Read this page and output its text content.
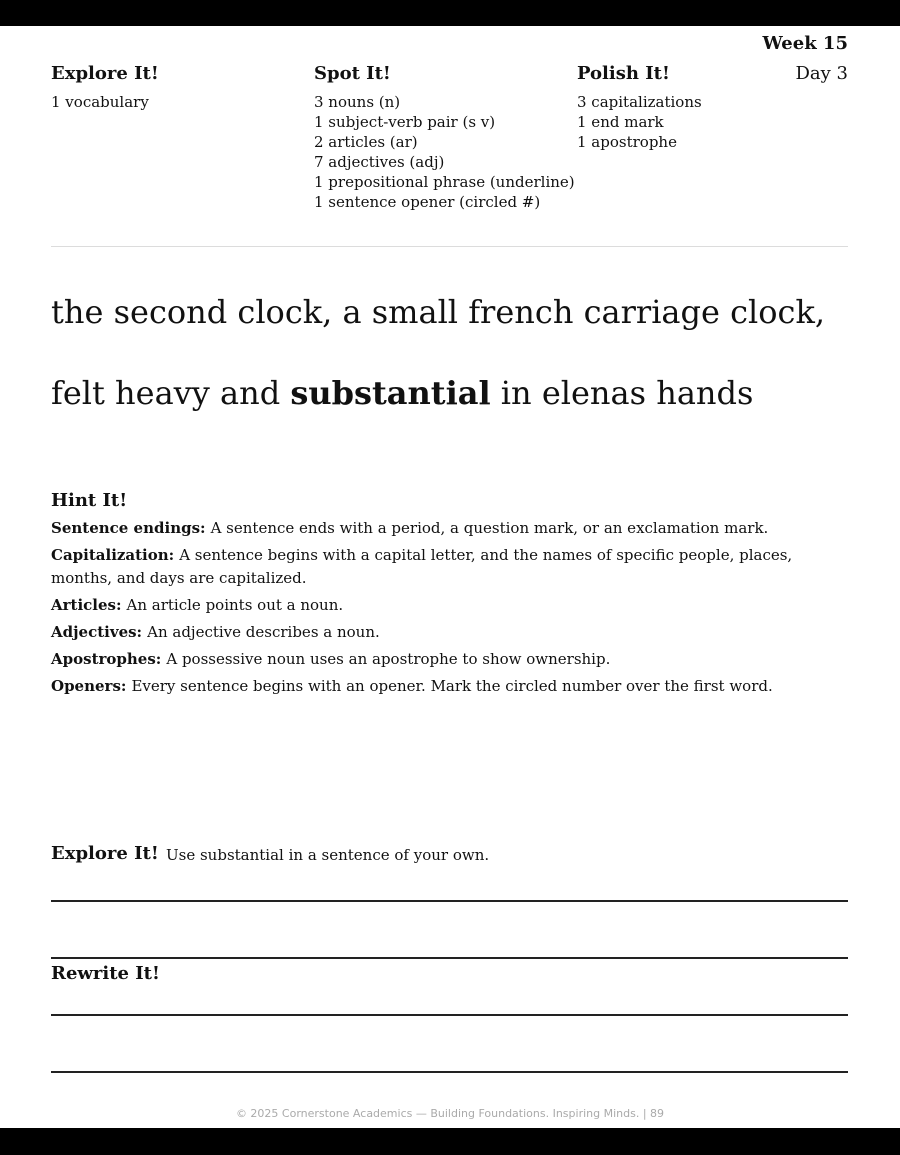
Week 15
Day 3
Explore It!
1 vocabulary
Spot It!
3 nouns (n)
1 subject-verb pair (s v)
2 articles (ar)
7 adjectives (adj)
1 prepositional phrase (underline)
1 sentence opener (circled #)
Polish It!
3 capitalizations
1 end mark
1 apostrophe

the second clock, a small french carriage clock, felt heavy and substantial in elenas hands

Hint It!

Sentence endings: A sentence ends with a period, a question mark, or an exclamation mark.

Capitalization: A sentence begins with a capital letter, and the names of specific people, places, months, and days are capitalized.

Articles: An article points out a noun.

Adjectives: An adjective describes a noun.

Apostrophes: A possessive noun uses an apostrophe to show ownership.

Openers: Every sentence begins with an opener. Mark the circled number over the first word.

Explore It! Use substantial in a sentence of your own.
Rewrite It!
© 2025 Cornerstone Academics — Building Foundations. Inspiring Minds. | 89
